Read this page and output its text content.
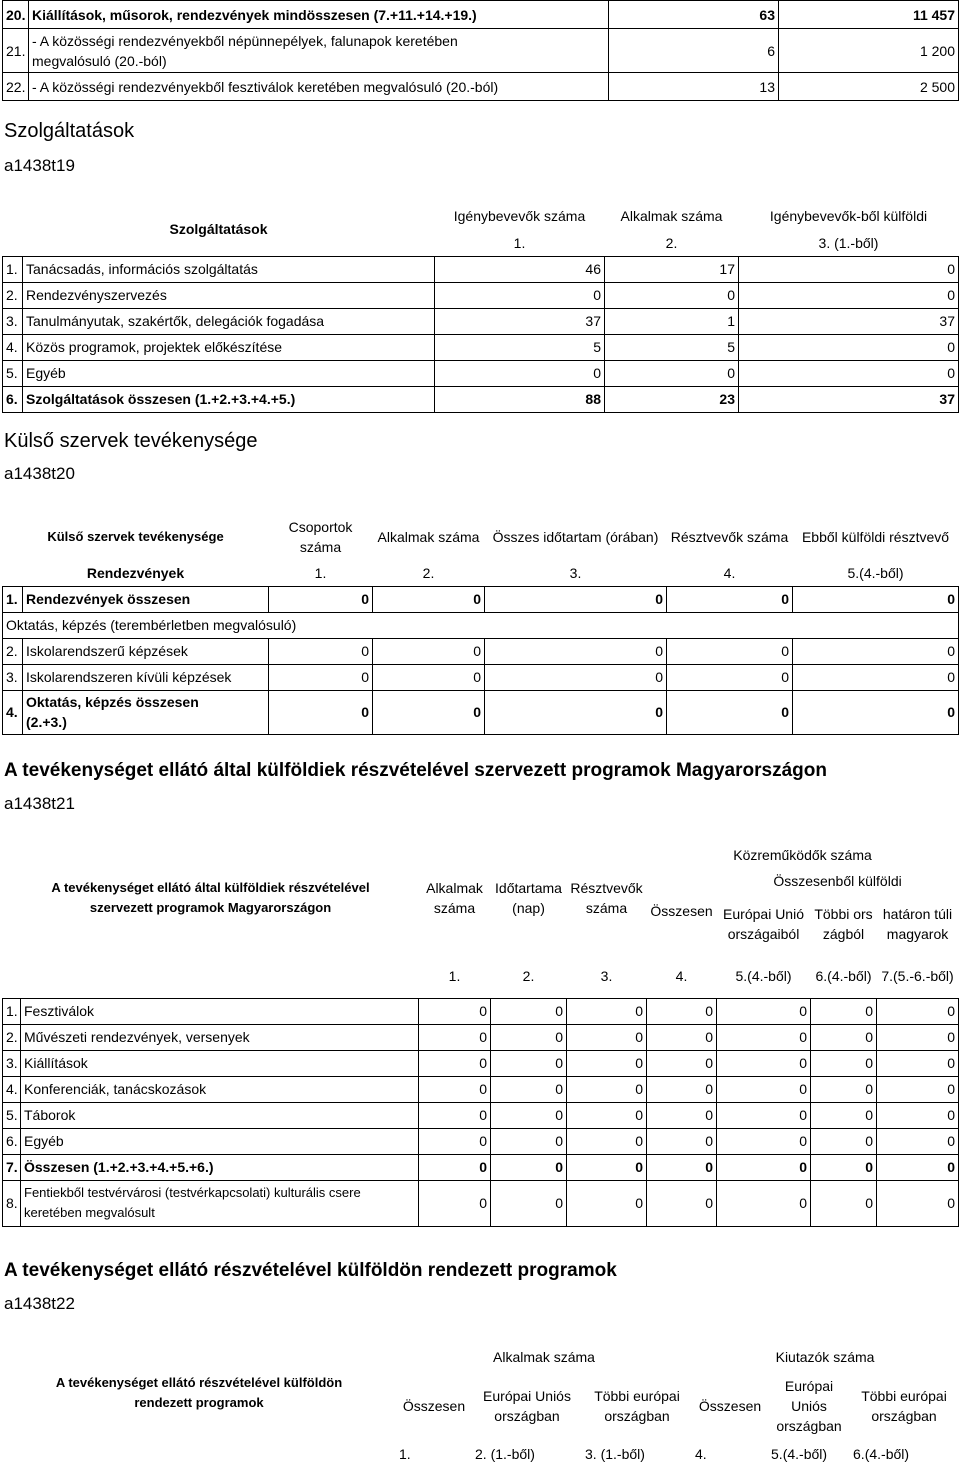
20.	Kiállítások, műsorok, rendezvények mindösszesen (7.+11.+14.+19.)	63	11 457
21.	- A közösségi rendezvényekből népünnepélyek, falunapok keretében megvalósuló (20.-ból)	6	1 200
22.	- A közösségi rendezvényekből fesztiválok keretében megvalósuló (20.-ból)	13	2 500
Szolgáltatások
a1438t19
Szolgáltatások		Igénybevevők száma	Alkalmak száma	Igénybevevők-ből külföldi
		1.	2.	3. (1.-ből)
1.	Tanácsadás, információs szolgáltatás	46	17	0
2.	Rendezvényszervezés	0	0	0
3.	Tanulmányutak, szakértők, delegációk fogadása	37	1	37
4.	Közös programok, projektek előkészítése	5	5	0
5.	Egyéb	0	0	0
6.	Szolgáltatások összesen (1.+2.+3.+4.+5.)	88	23	37
Külső szervek tevékenysége
a1438t20
Külső szervek tevékenysége		Csoportok száma	Alkalmak száma	Összes időtartam (órában)	Résztvevők száma	Ebből külföldi résztvevő
Rendezvények		1.	2.	3.	4.	5.(4.-ből)
1.	Rendezvények összesen	0	0	0	0	0
Oktatás, képzés (terembérletben megvalósuló)						
2.	Iskolarendszerű képzések	0	0	0	0	0
3.	Iskolarendszeren kívüli képzések	0	0	0	0	0
4.	Oktatás, képzés összesen (2.+3.)	0	0	0	0	0
A tevékenységet ellátó által külföldiek részvételével szervezett programok Magyarországon
a1438t21
A tevékenységet ellátó által külföldiek részvételével szervezett programok Magyarországon		Alkalmak száma	Időtartama (nap)	Résztvevők száma	Közreműködők száma			
					Összesen	Összesenből külföldi		
						Európai Unió országaiból	Többi országból	határon túli magyarok
		1.	2.	3.	4.	5.(4.-ből)	6.(4.-ből)	7.(5.-6.-ből)
1.	Fesztiválok	0	0	0	0	0	0	0
2.	Művészeti rendezvények, versenyek	0	0	0	0	0	0	0
3.	Kiállítások	0	0	0	0	0	0	0
4.	Konferenciák, tanácskozások	0	0	0	0	0	0	0
5.	Táborok	0	0	0	0	0	0	0
6.	Egyéb	0	0	0	0	0	0	0
7.	Összesen (1.+2.+3.+4.+5.+6.)	0	0	0	0	0	0	0
8.	Fentiekből testvérvárosi (testvérkapcsolati) kulturális csere keretében megvalósult	0	0	0	0	0	0	0
A tevékenységet ellátó részvételével külföldön rendezett programok
a1438t22
A tevékenységet ellátó részvételével külföldön rendezett programok	Alkalmak száma			Kiutazók száma		
	Összesen	Európai Uniós országban	Többi európai országban	Összesen	Európai Uniós országban	Többi európai országban
	1.	2. (1.-ből)	3. (1.-ből)	4.	5.(4.-ből)	6.(4.-ből)
